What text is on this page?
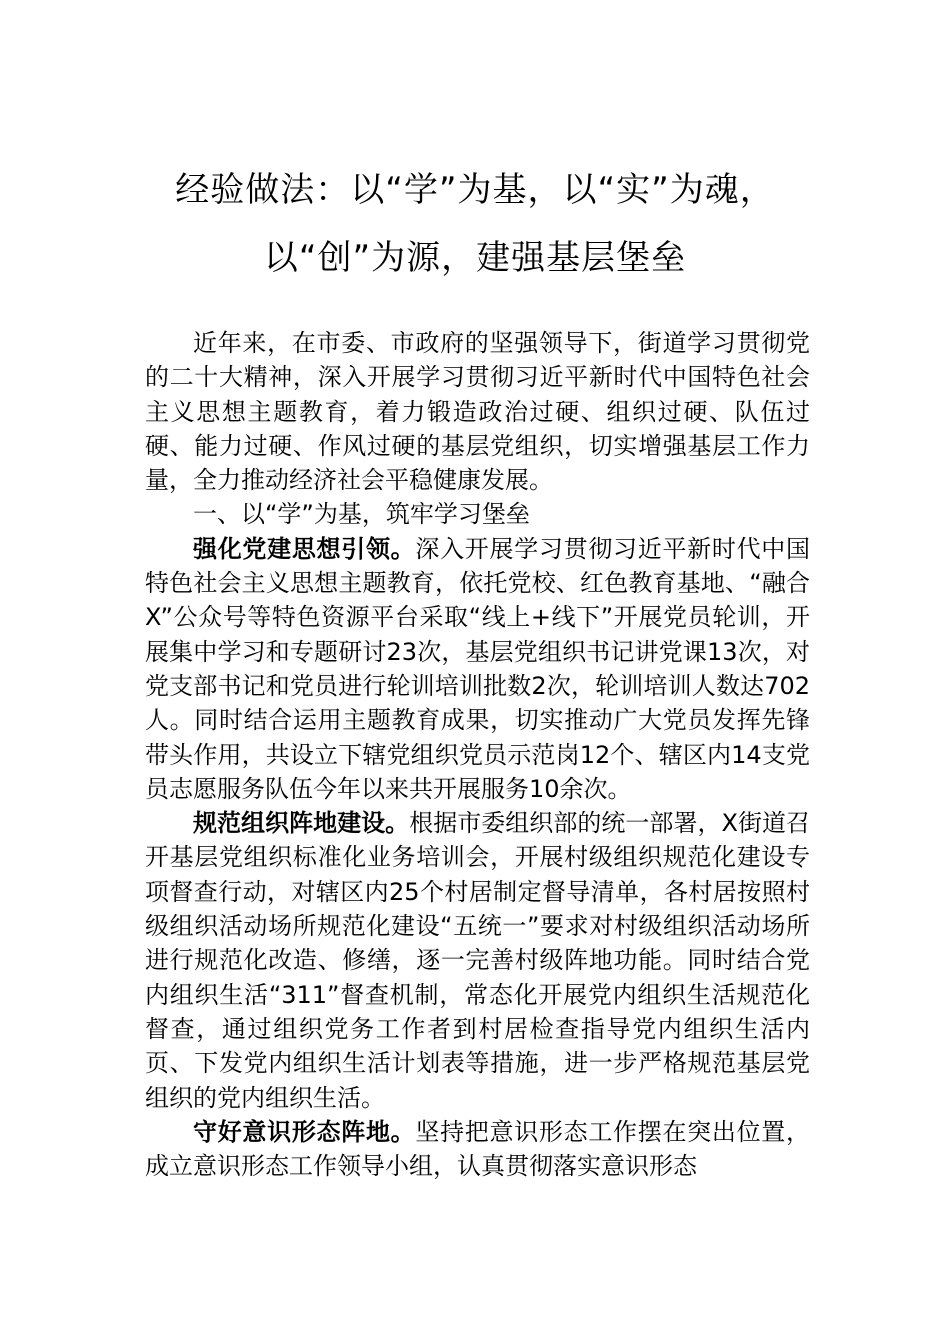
经验做法：以“学”为基，以“实”为魂，
以“创”为源，建强基层堡垒

近年来，在市委、市政府的坚强领导下，街道学习贯彻党的二十大精神，深入开展学习贯彻习近平新时代中国特色社会主义思想主题教育，着力锻造政治过硬、组织过硬、队伍过硬、能力过硬、作风过硬的基层党组织，切实增强基层工作力量，全力推动经济社会平稳健康发展。

一、以“学”为基，筑牢学习堡垒

强化党建思想引领。深入开展学习贯彻习近平新时代中国特色社会主义思想主题教育，依托党校、红色教育基地、“融合X”公众号等特色资源平台采取“线上+线下”开展党员轮训，开展集中学习和专题研讨23次，基层党组织书记讲党课13次，对党支部书记和党员进行轮训培训批数2次，轮训培训人数达702人。同时结合运用主题教育成果，切实推动广大党员发挥先锋带头作用，共设立下辖党组织党员示范岗12个、辖区内14支党员志愿服务队伍今年以来共开展服务10余次。

规范组织阵地建设。根据市委组织部的统一部署，X街道召开基层党组织标准化业务培训会，开展村级组织规范化建设专项督查行动，对辖区内25个村居制定督导清单，各村居按照村级组织活动场所规范化建设“五统一”要求对村级组织活动场所进行规范化改造、修缮，逐一完善村级阵地功能。同时结合党内组织生活“311”督查机制，常态化开展党内组织生活规范化督查，通过组织党务工作者到村居检查指导党内组织生活内页、下发党内组织生活计划表等措施，进一步严格规范基层党组织的党内组织生活。

守好意识形态阵地。坚持把意识形态工作摆在突出位置，成立意识形态工作领导小组，认真贯彻落实意识形态
